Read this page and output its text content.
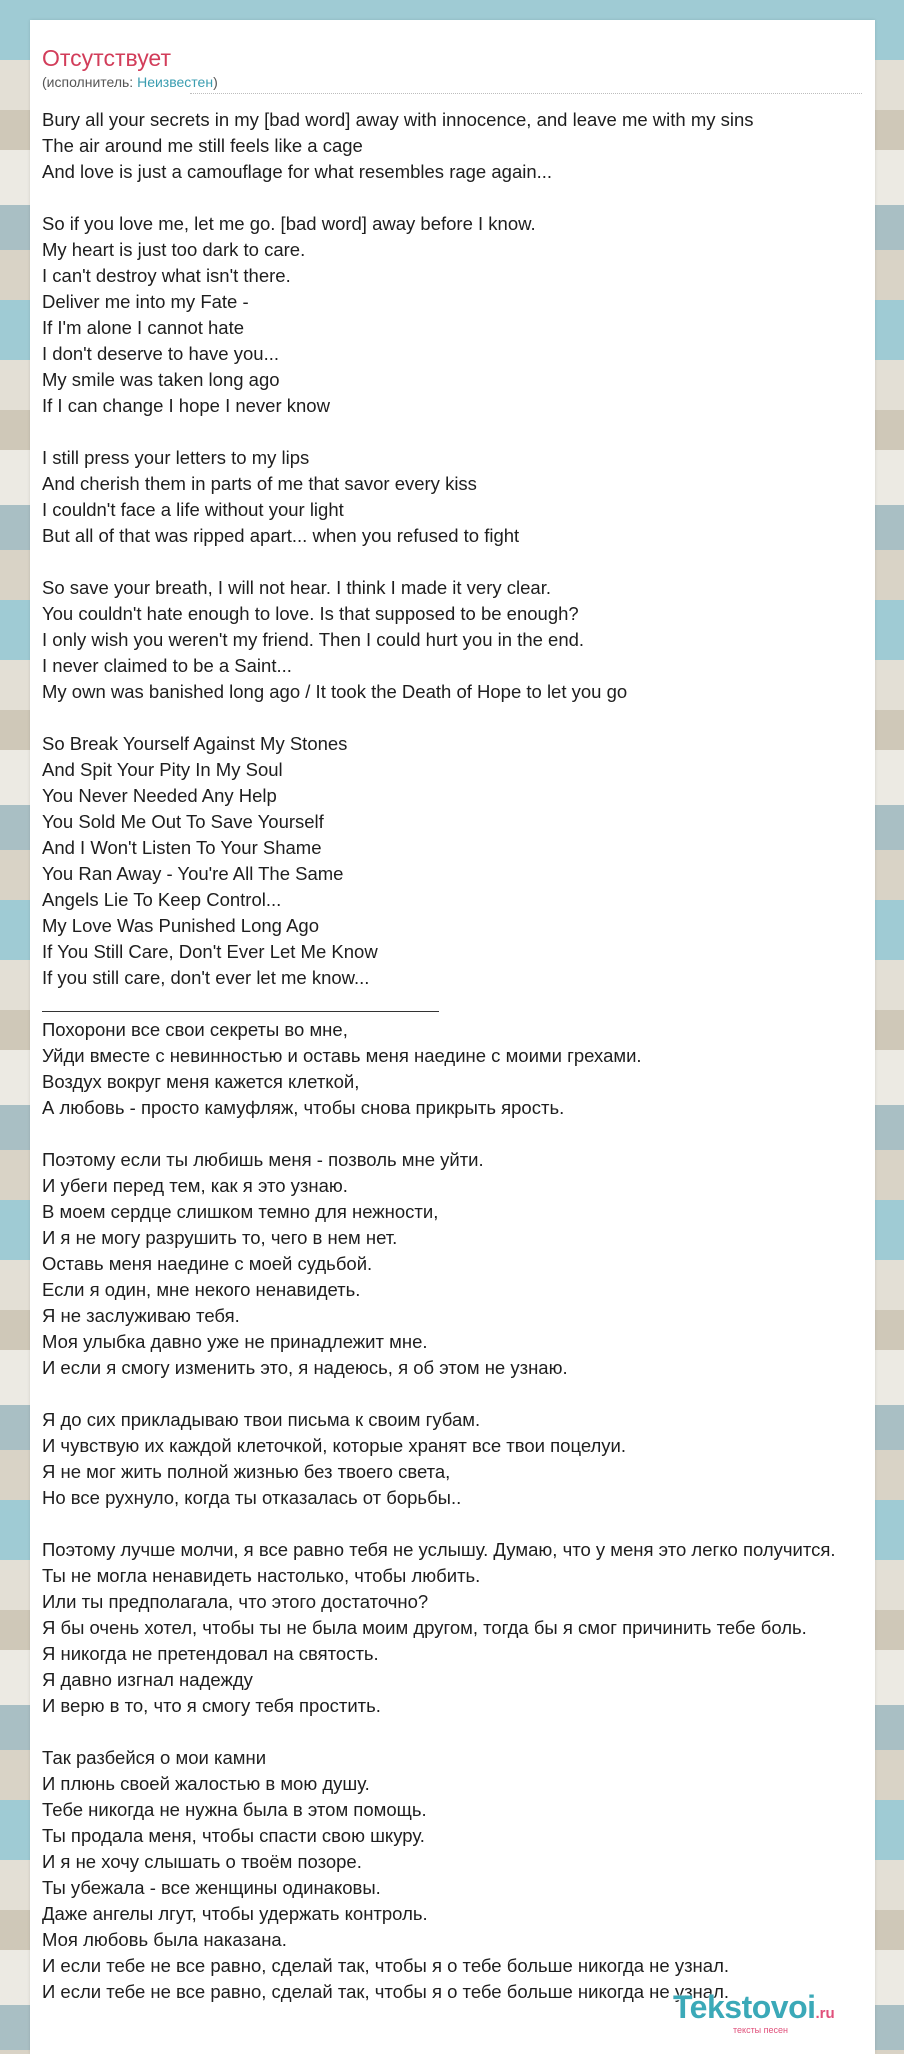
Отсутствует
(исполнитель: Неизвестен)
Bury all your secrets in my [bad word] away with innocence, and leave me with my sins
The air around me still feels like a cage
And love is just a camouflage for what resembles rage again...
So if you love me, let me go. [bad word] away before I know.
My heart is just too dark to care.
I can't destroy what isn't there.
Deliver me into my Fate -
If I'm alone I cannot hate
I don't deserve to have you...
My smile was taken long ago
If I can change I hope I never know
I still press your letters to my lips
And cherish them in parts of me that savor every kiss
I couldn't face a life without your light
But all of that was ripped apart... when you refused to fight
So save your breath, I will not hear. I think I made it very clear.
You couldn't hate enough to love. Is that supposed to be enough?
I only wish you weren't my friend. Then I could hurt you in the end.
I never claimed to be a Saint...
My own was banished long ago / It took the Death of Hope to let you go
So Break Yourself Against My Stones
And Spit Your Pity In My Soul
You Never Needed Any Help
You Sold Me Out To Save Yourself
And I Won't Listen To Your Shame
You Ran Away - You're All The Same
Angels Lie To Keep Control...
My Love Was Punished Long Ago
If You Still Care, Don't Ever Let Me Know
If you still care, don't ever let me know...
Похорони все свои секреты во мне,
Уйди вместе с невинностью и оставь меня наедине с моими грехами.
Воздух вокруг меня кажется клеткой,
А любовь - просто камуфляж, чтобы снова прикрыть ярость.
Поэтому если ты любишь меня - позволь мне уйти.
И убеги перед тем, как я это узнаю.
В моем сердце слишком темно для нежности,
И я не могу разрушить то, чего в нем нет.
Оставь меня наедине с моей судьбой.
Если я один, мне некого ненавидеть.
Я не заслуживаю тебя.
Моя улыбка давно уже не принадлежит мне.
И если я смогу изменить это, я надеюсь, я об этом не узнаю.
Я до сих прикладываю твои письма к своим губам.
И чувствую их каждой клеточкой, которые хранят все твои поцелуи.
Я не мог жить полной жизнью без твоего света,
Но все рухнуло, когда ты отказалась от борьбы..
Поэтому лучше молчи, я все равно тебя не услышу. Думаю, что у меня это легко получится.
Ты не могла ненавидеть настолько, чтобы любить.
Или ты предполагала, что этого достаточно?
Я бы очень хотел, чтобы ты не была моим другом, тогда бы я смог причинить тебе боль.
Я никогда не претендовал на святость.
Я давно изгнал надежду
И верю в то, что я смогу тебя простить.
Так разбейся о мои камни
И плюнь своей жалостью в мою душу.
Тебе никогда не нужна была в этом помощь.
Ты продала меня, чтобы спасти свою шкуру.
И я не хочу слышать о твоём позоре.
Ты убежала - все женщины одинаковы.
Даже ангелы лгут, чтобы удержать контроль.
Моя любовь была наказана.
И если тебе не все равно, сделай так, чтобы я о тебе больше никогда не узнал.
И если тебе не все равно, сделай так, чтобы я о тебе больше никогда не узнал.
Tekstovoi.ru
тексты песен
